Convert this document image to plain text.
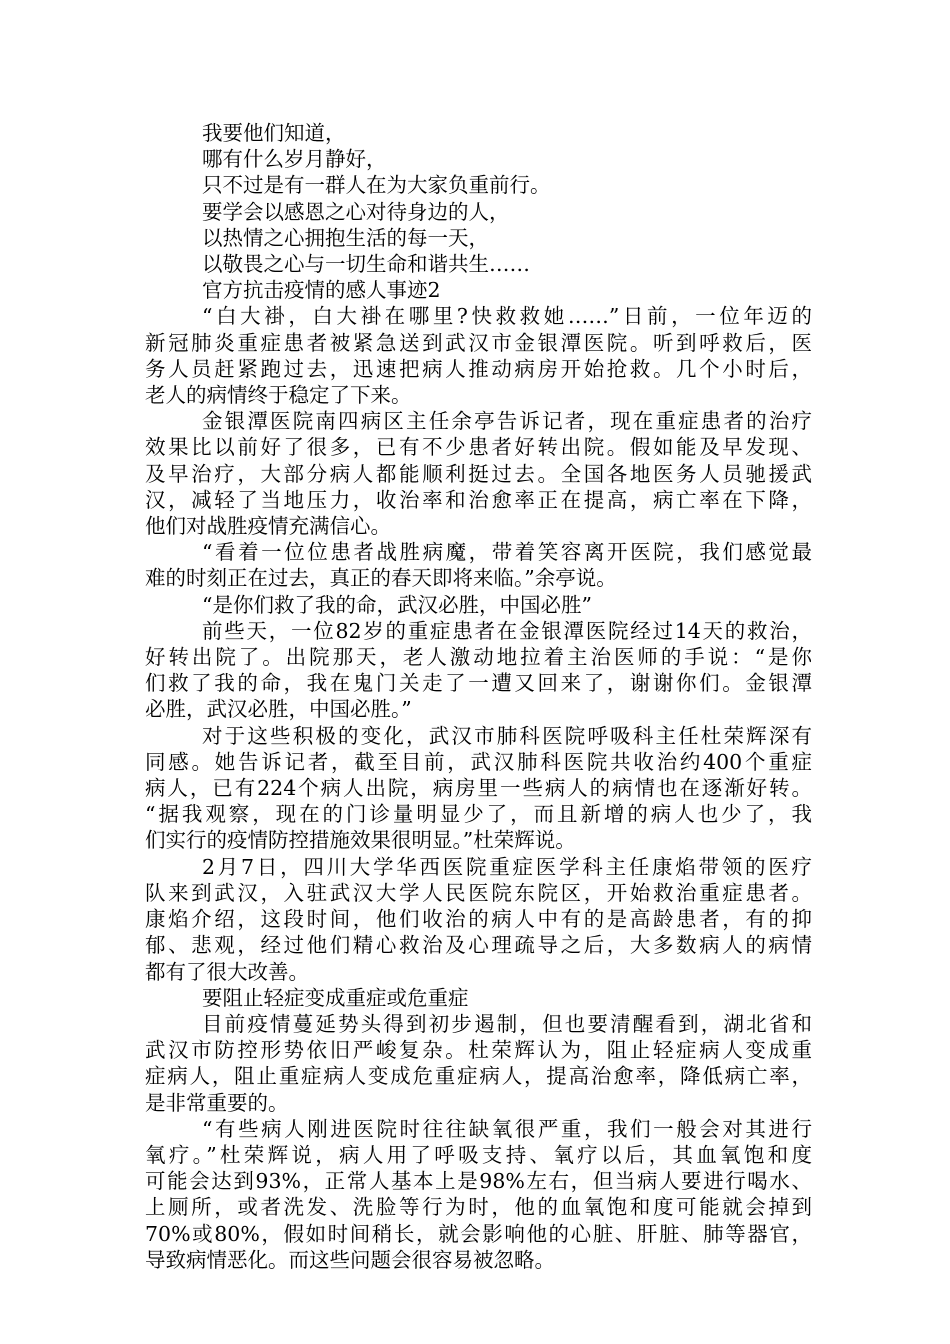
我要他们知道，
哪有什么岁月静好，
只不过是有一群人在为大家负重前行。
要学会以感恩之心对待身边的人，
以热情之心拥抱生活的每一天，
以敬畏之心与一切生命和谐共生……
官方抗击疫情的感人事迹2
“白大褂，白大褂在哪里?快救救她……”日前，一位年迈的
新冠肺炎重症患者被紧急送到武汉市金银潭医院。听到呼救后，医
务人员赶紧跑过去，迅速把病人推动病房开始抢救。几个小时后，
老人的病情终于稳定了下来。
金银潭医院南四病区主任余亭告诉记者，现在重症患者的治疗
效果比以前好了很多，已有不少患者好转出院。假如能及早发现、
及早治疗，大部分病人都能顺利挺过去。全国各地医务人员驰援武
汉，减轻了当地压力，收治率和治愈率正在提高，病亡率在下降，
他们对战胜疫情充满信心。
“看着一位位患者战胜病魔，带着笑容离开医院，我们感觉最
难的时刻正在过去，真正的春天即将来临。”余亭说。
“是你们救了我的命，武汉必胜，中国必胜”
前些天，一位82岁的重症患者在金银潭医院经过14天的救治，
好转出院了。出院那天，老人激动地拉着主治医师的手说：“是你
们救了我的命，我在鬼门关走了一遭又回来了，谢谢你们。金银潭
必胜，武汉必胜，中国必胜。”
对于这些积极的变化，武汉市肺科医院呼吸科主任杜荣辉深有
同感。她告诉记者，截至目前，武汉肺科医院共收治约400个重症
病人，已有224个病人出院，病房里一些病人的病情也在逐渐好转。
“据我观察，现在的门诊量明显少了，而且新增的病人也少了，我
们实行的疫情防控措施效果很明显。”杜荣辉说。
2月7日，四川大学华西医院重症医学科主任康焰带领的医疗
队来到武汉，入驻武汉大学人民医院东院区，开始救治重症患者。
康焰介绍，这段时间，他们收治的病人中有的是高龄患者，有的抑
郁、悲观，经过他们精心救治及心理疏导之后，大多数病人的病情
都有了很大改善。
要阻止轻症变成重症或危重症
目前疫情蔓延势头得到初步遏制，但也要清醒看到，湖北省和
武汉市防控形势依旧严峻复杂。杜荣辉认为，阻止轻症病人变成重
症病人，阻止重症病人变成危重症病人，提高治愈率，降低病亡率，
是非常重要的。
“有些病人刚进医院时往往缺氧很严重，我们一般会对其进行
氧疗。”杜荣辉说，病人用了呼吸支持、氧疗以后，其血氧饱和度
可能会达到93%，正常人基本上是98%左右，但当病人要进行喝水、
上厕所，或者洗发、洗脸等行为时，他的血氧饱和度可能就会掉到
70%或80%，假如时间稍长，就会影响他的心脏、肝脏、肺等器官，
导致病情恶化。而这些问题会很容易被忽略。
